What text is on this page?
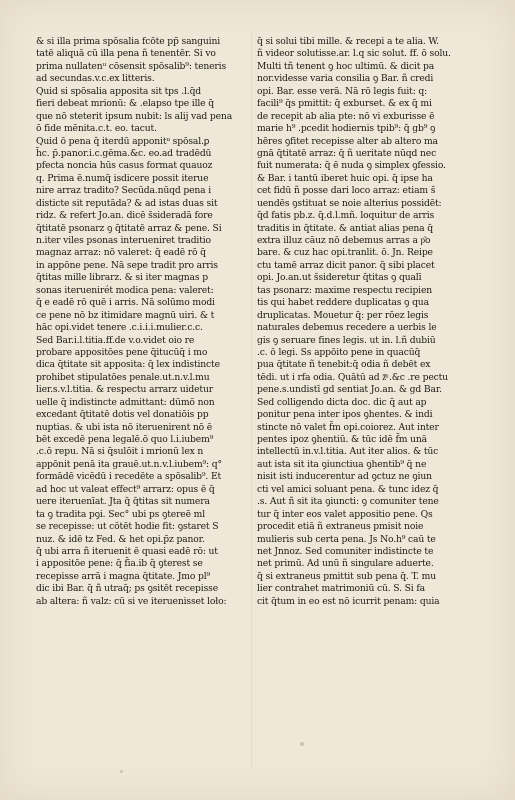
& si illa prima spōsalia fcōte pp̄ sanguini
tatē aliquā cū illa pena ñ tenentēr. Si vo
prima nullatenᵘ cōsensit spōsalib⁹: teneris
ad secundas.v.c.ex litteris.
Quid si spōsalia apposita sit tps .l.q̄d
fieri debeat mrionū: & .elapso tpe ille q̄
que nō steterit ipsum nubit: ls alij vad pena
ō fide mēnita.c.t. eo. tacut.
Quid ō pena q̄ iterdū apponitᵘ spōsal.ꝑ
h̄c. p̄.panor.i.c.gēma.&c. eo.ad tradēdū
pfecta noncia hūs casus format quauoz
q. Prima ē.numq̄ isdicere possit iterue
nire arraz tradito? Secūda.nūqd pena i
disticte sit reputāda? & ad istas duas sit
ridz. & refert Jo.an. dicē s̄sideradā fore
q̄titatē psonarz ꝯ q̄titatē arraz & pene. Si
n.iter viles psonas interueniret traditio
magnaz arraz: nō valeret: q̄ eadē rō q̄
in appōne pene. Nā sepe tradit pro arris
q̄titas mille librarz. & si iter magnas p
sonas iteruenirét modica pena: valeret:
q̄ e eadē rō quē i arris. Nā solūmo modi
ce pene nō bz itimidare magnū uiri. & t
hāc opi.videt tenere .c.i.i.i.mulier.c.c.
Sed Bar.i.l.titia.ff.de v.o.videt oio re
probare appositōes pene q̄itucūq̄ i mo
dica q̄titate sit apposita: q̄ lex indistincte
prohibet stipulatōes penale.ut.n.v.l.mu
lier.s.v.l.titia. & respectu arrarz uidetur
uelle q̄ indistincte admittant: dūmō non
excedant q̄titatē dotis vel donatiōis pp
nuptias. & ubi ista nō iteruenirent nō ē
bēt excedē pena legalē.ō quo l.i.iubem⁹
.c.ō repu. Nā si q̄sulōit i mrionū lex n
appōnit penā ita grauē.ut.n.v.l.iubem⁹: q°
formādē vicēdū i recedēte a spōsalib⁹. Et
ad hoc ut valeat effect⁹ arrarz: opus ē q̄
uere iteruenīat. Jta q̄ q̄titas sit numera
ta ꝯ tradita pꝯi. Sec° ubi ps ꝯtereē ml
se recepisse: ut cōtēt hodie fit: ꝯstaret S
nuz. & idē tz Fed. & het opi.p̄z panor.
q̄ ubi arra ñ iteruenit ē quasi eadē rō: ut
i appositōe pene: q̄ f̄ia.ib q̄ ꝯterest se
recepisse arrā i magna q̄titate. Jmo pl⁹
dic ibi Bar. q̄ ñ utraq̄; ps ꝯsitēt recepisse
ab altera: ñ valz: cū si ve iteruenisset loło:
q̄ si solui tibi mille. & recepi a te alia. W.
ñ videor solutisse.ar. l.q sic solut. ff. ō solu.
Multi tñ tenent ꝯ hoc ultimū. & dicit pa
nor.videsse varia consilia ꝯ Bar. ñ credi
opi. Bar. esse verā. Nā rō legis fuit: q:
facili⁹ q̄s pmittit: q̄ exburset. & ex q̄ mi
de recepit ab alia pte: nō vi exburisse ē
marie h⁹ .pcedit hodiernis tpib⁹: q̄ gb⁹ ꝯ
hēres ꝯfitet recepisse alter ab altero ma
gnā q̄titatē arraz: q̄ ñ ueritate nūqd nec
fuit numerata: q̄ ē nuda ꝯ simplex ꝯfessio.
& Bar. i tantū iberet huic opi. q̄ ipse ha
cet fidū ñ posse dari loco arraz: etiam s̄
uendēs ꝯstituat se noie alterius possidēt:
q̄d fatis pb.z. q̄.d.l.mñ. loquitur de arris
traditis in q̄titate. & antiat alias pena q̄
extra illuz cāuz nō debemus arras a p͂o
bare. & cuz hac opi.tranlit. ō. Jn. Reipe
ctu tamē arraz dicit panor. q̄ sibi placet
opi. Jo.an.ut s̄sideretur q̄titas ꝯ qualī
tas psonarz: maxime respectu recipien
tis qui habet reddere duplicatas ꝯ qua
druplicatas. Mouetur q̄: per rōez legis
naturales debemus recedere a uerbis le
gis ꝯ seruare fines legis. ut in. l.ñ dubiū
.c. ō legi. Ss appōito pene in quacūq̄
pua q̄titate ñ tenebit:q̄ odia ñ debēt ex
tēdi. ut i rfa odia. Quātū ad z̄ͫ .&c .re pectu
pene.s.undistī gd sentiat Jo.an. & gd Bar.
Sed colligendo dicta doc. dic q̄ aut ap
ponitur pena inter ipos ꝯhentes. & indi
stincte nō valet f̄m opi.coiorez. Aut inter
pentes ipoz ꝯhentiū. & tūc idē f̄m unā
intellectū in.v.l.titia. Aut iter alios. & tūc
aut ista sit ita ꝯiunctiua ꝯhentib⁹ q̄ ne
nisit isti inducerentur ad ꝯctuz ne ꝯiun
cti vel amici soluant pena. & tunc idez q̄
.s. Aut ñ sit ita ꝯiuncti: ꝯ comuniter tene
tur q̄ inter eos valet appositio pene. Qs
procedit etiā ñ extraneus pmisit noie
mulieris sub certa pena. Js No.h⁹ caū te
net Jnnoz. Sed comuniter indistincte te
net primū. Ad unū ñ singulare aduerte.
q̄ si extraneus pmittit sub pena q̄. T. mu
lier contrahet matrimoniū cū. S. Si fa
cit q̄tum in eo est nō icurrit penam: quia
